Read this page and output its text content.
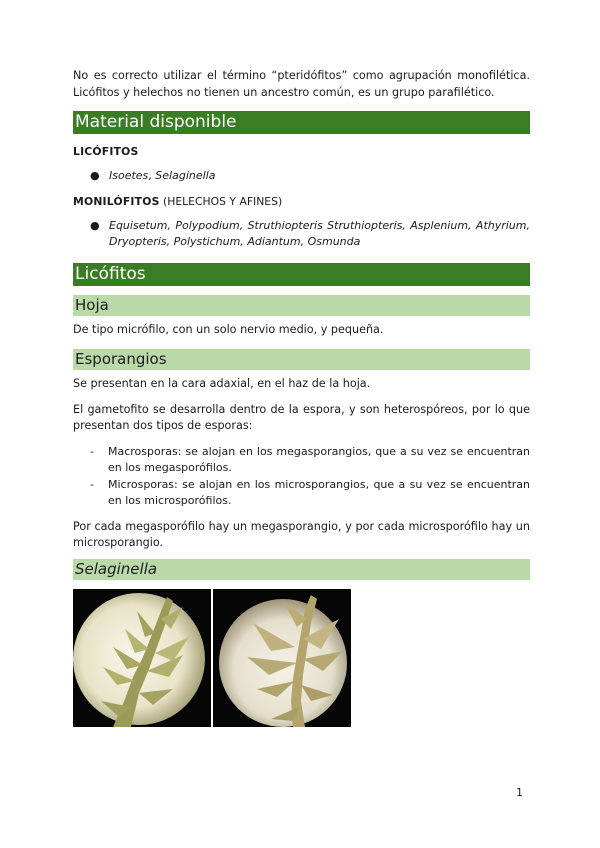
No es correcto utilizar el término “pteridófitos” como agrupación monofilética. Licófitos y helechos no tienen un ancestro común, es un grupo parafilético.

Material disponible

LICÓFITOS

● Isoetes, Selaginella

MONILÓFITOS (HELECHOS Y AFINES)

● Equisetum, Polypodium, Struthiopteris Struthiopteris, Asplenium, Athyrium, Dryopteris, Polystichum, Adiantum, Osmunda
Licófitos
Hoja

De tipo micrófilo, con un solo nervio medio, y pequeña.

Esporangios

Se presentan en la cara adaxial, en el haz de la hoja.

El gametofito se desarrolla dentro de la espora, y son heterospóreos, por lo que presentan dos tipos de esporas:

- Macrosporas: se alojan en los megasporangios, que a su vez se encuentran en los megasporófilos.
- Microsporas: se alojan en los microsporangios, que a su vez se encuentran en los microsporófilos.

Por cada megasporófilo hay un megasporangio, y por cada microsporófilo hay un microsporangio.

Selaginella
1
